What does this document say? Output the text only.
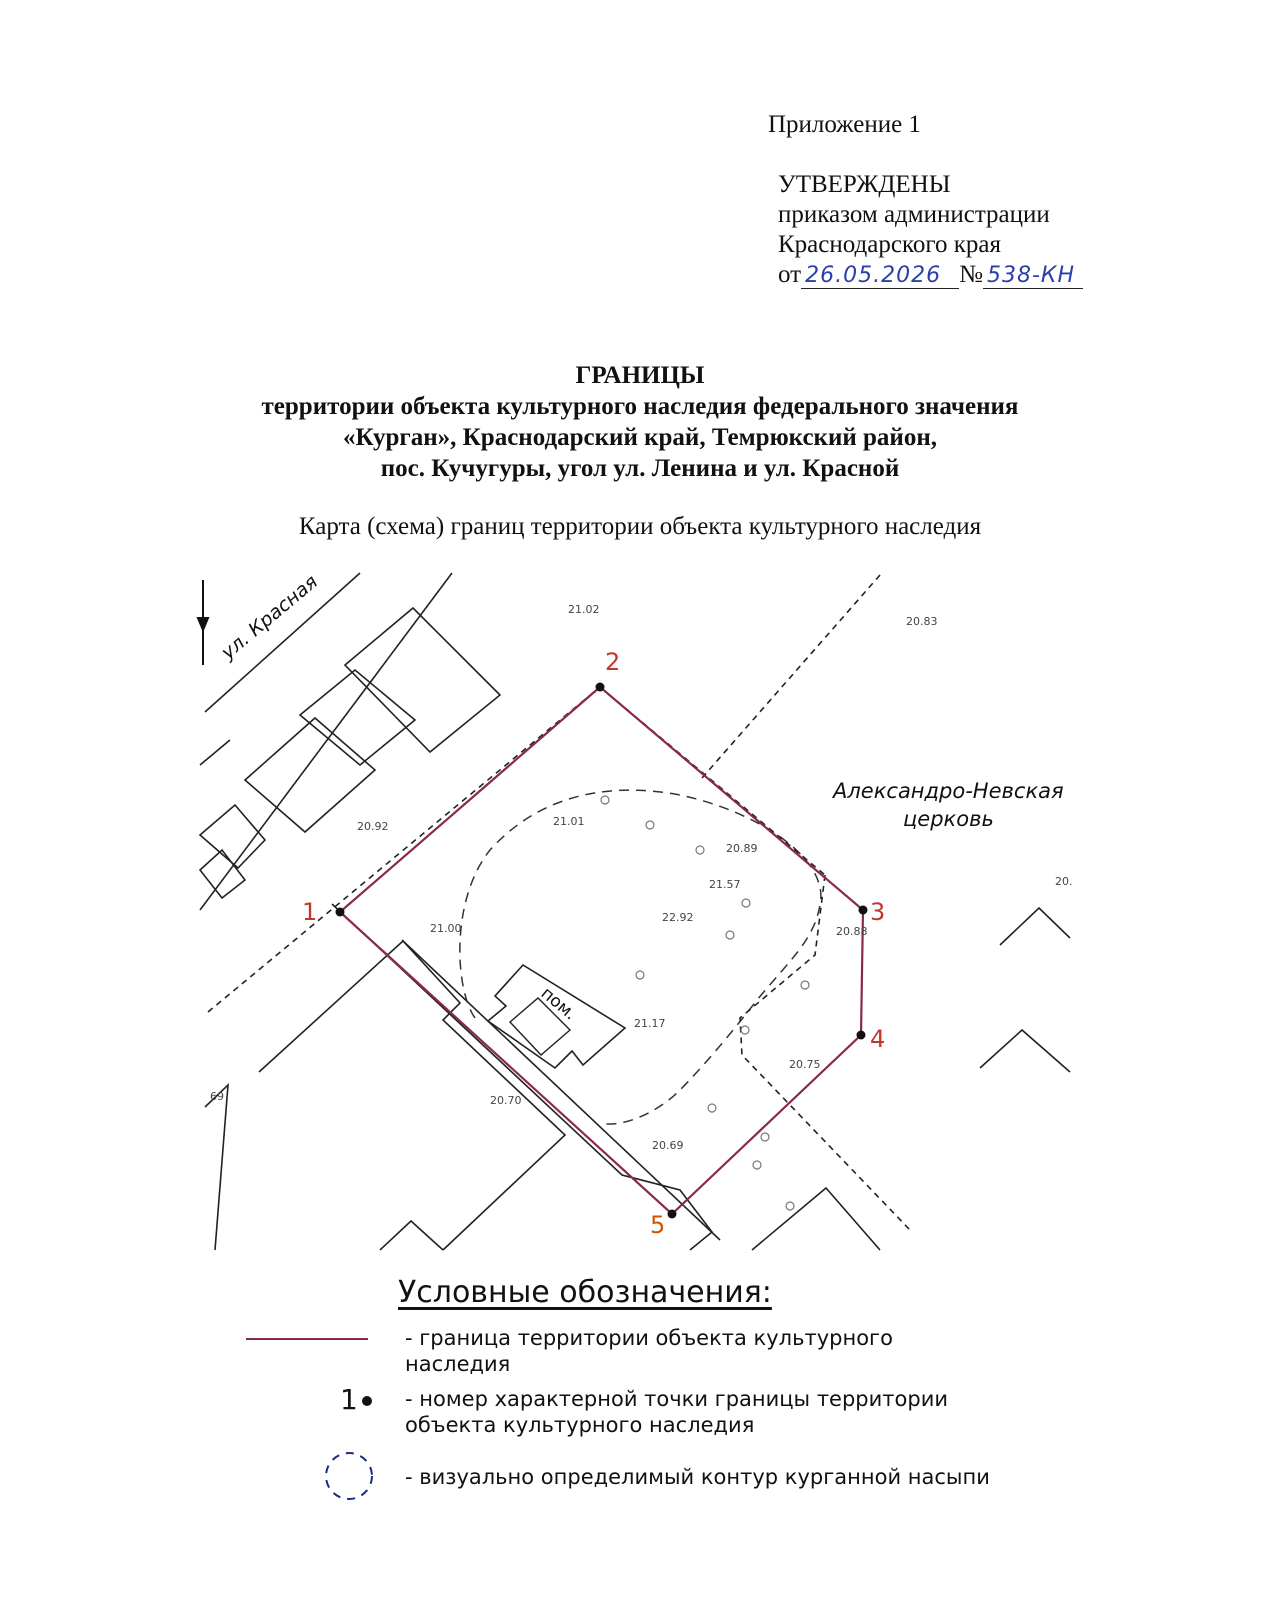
Приложение 1
УТВЕРЖДЕНЫ
приказом администрации
Краснодарского края
от 26.05.2026 № 538-КН
ГРАНИЦЫ
территории объекта культурного наследия федерального значения
«Курган», Краснодарский край, Темрюкский район,
пос. Кучугуры, угол ул. Ленина и ул. Красной
Карта (схема) границ территории объекта культурного наследия
1
2
3
4
5
ул. Красная
Александро-Невская
церковь
пом.
21.02
20.83
20.92	21.01
20.89
21.57
22.92
21.00	20.88
21.17
20.75
20.70
20.69
69
20.
Условные обозначения:
- граница территории объекта культурного
наследия
1	- номер характерной точки границы территории
объекта культурного наследия
- визуально определимый контур курганной насыпи
